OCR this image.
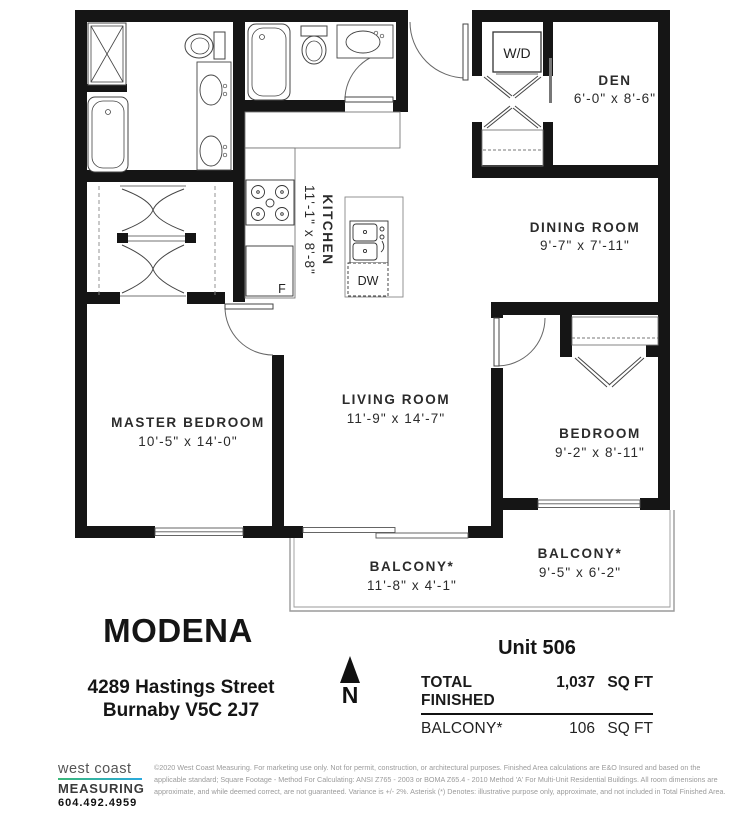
W/D
DW
F
DEN
6'-0" x 8'-6"
DINING ROOM
9'-7" x 7'-11"
KITCHEN
11'-1" x 8'-8"
LIVING ROOM
11'-9" x 14'-7"
MASTER BEDROOM
10'-5" x 14'-0"
BEDROOM
9'-2" x 8'-11"
BALCONY*
11'-8" x 4'-1"
BALCONY*
9'-5" x 6'-2"
MODENA
4289 Hastings Street
Burnaby V5C 2J7
N
Unit 506
TOTAL FINISHED
1,037 SQ FT
BALCONY*	106 SQ FT
west coast
MEASURING
604.492.4959
©2020 West Coast Measuring. For marketing use only. Not for permit, construction, or architectural purposes. Finished Area calculations are E&O Insured and based on the
applicable standard; Square Footage - Method For Calculating: ANSI Z765 - 2003 or BOMA Z65.4 - 2010 Method 'A' For Multi-Unit Residential Buildings. All room dimensions are
approximate, and while deemed correct, are not guaranteed. Variance is +/- 2%. Asterisk (*) Denotes: illustrative purpose only, approximate, and not included in Total Finished Area.
